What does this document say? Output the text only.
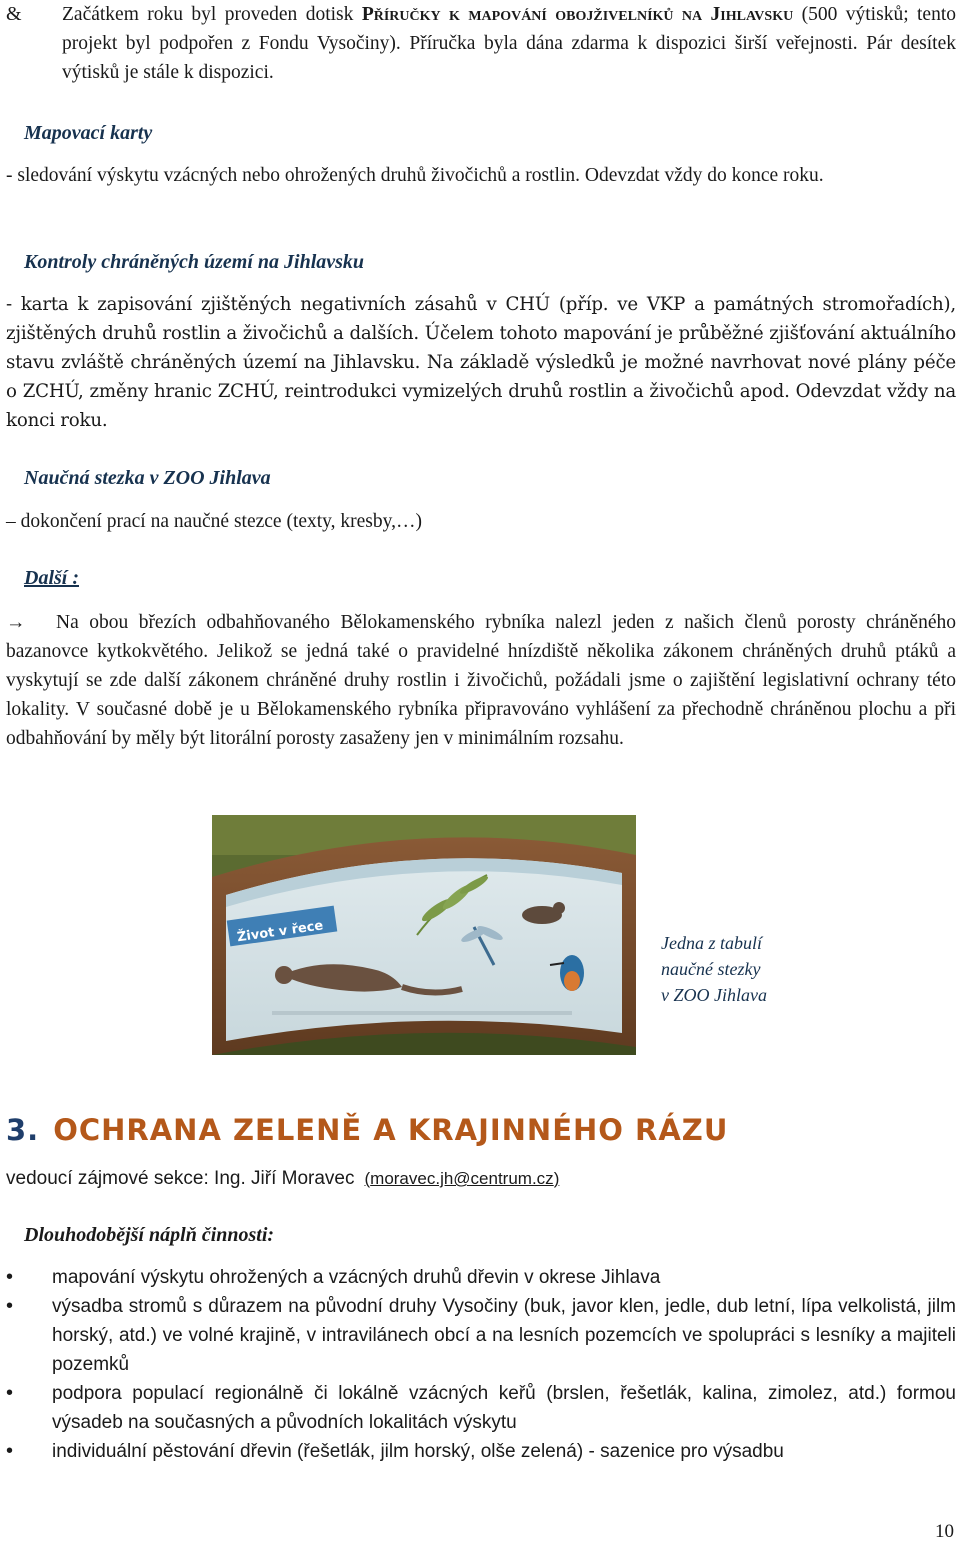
& Začátkem roku byl proveden dotisk Příručky k mapování obojživelníků na Jihlavsku (500 výtisků; tento projekt byl podpořen z Fondu Vysočiny). Příručka byla dána zdarma k dispozici širší veřejnosti. Pár desítek výtisků je stále k dispozici.

Mapovací karty

- sledování výskytu vzácných nebo ohrožených druhů živočichů a rostlin. Odevzdat vždy do konce roku.

Kontroly chráněných území na Jihlavsku

- karta k zapisování zjištěných negativních zásahů v CHÚ (příp. ve VKP a památných stromořadích), zjištěných druhů rostlin a živočichů a dalších. Účelem tohoto mapování je průběžné zjišťování aktuálního stavu zvláště chráněných území na Jihlavsku. Na základě výsledků je možné navrhovat nové plány péče o ZCHÚ, změny hranic ZCHÚ, reintrodukci vymizelých druhů rostlin a živočichů apod. Odevzdat vždy na konci roku.

Naučná stezka v ZOO Jihlava

– dokončení prací na naučné stezce (texty, kresby,…)

Další :

→ Na obou březích odbahňovaného Bělokamenského rybníka nalezl jeden z našich členů porosty chráněného bazanovce kytkokvětého. Jelikož se jedná také o pravidelné hnízdiště několika zákonem chráněných druhů ptáků a vyskytují se zde další zákonem chráněné druhy rostlin i živočichů, požádali jsme o zajištění legislativní ochrany této lokality. V současné době je u Bělokamenského rybníka připravováno vyhlášení za přechodně chráněnou plochu a při odbahňování by měly být litorální porosty zasaženy jen v minimálním rozsahu.

Život v řece	Jedna z tabulí
naučné stezky
v ZOO Jihlava
3. OCHRANA ZELENĚ A KRAJINNÉHO RÁZU
vedoucí zájmové sekce: Ing. Jiří Moravec (moravec.jh@centrum.cz)
Dlouhodobější náplň činnosti:
• mapování výskytu ohrožených a vzácných druhů dřevin v okrese Jihlava
• výsadba stromů s důrazem na původní druhy Vysočiny (buk, javor klen, jedle, dub letní, lípa velkolistá, jilm horský, atd.) ve volné krajině, v intravilánech obcí a na lesních pozemcích ve spolupráci s lesníky a majiteli pozemků
• podpora populací regionálně či lokálně vzácných keřů (brslen, řešetlák, kalina, zimolez, atd.) formou výsadeb na současných a původních lokalitách výskytu
• individuální pěstování dřevin (řešetlák, jilm horský, olše zelená) - sazenice pro výsadbu
10
